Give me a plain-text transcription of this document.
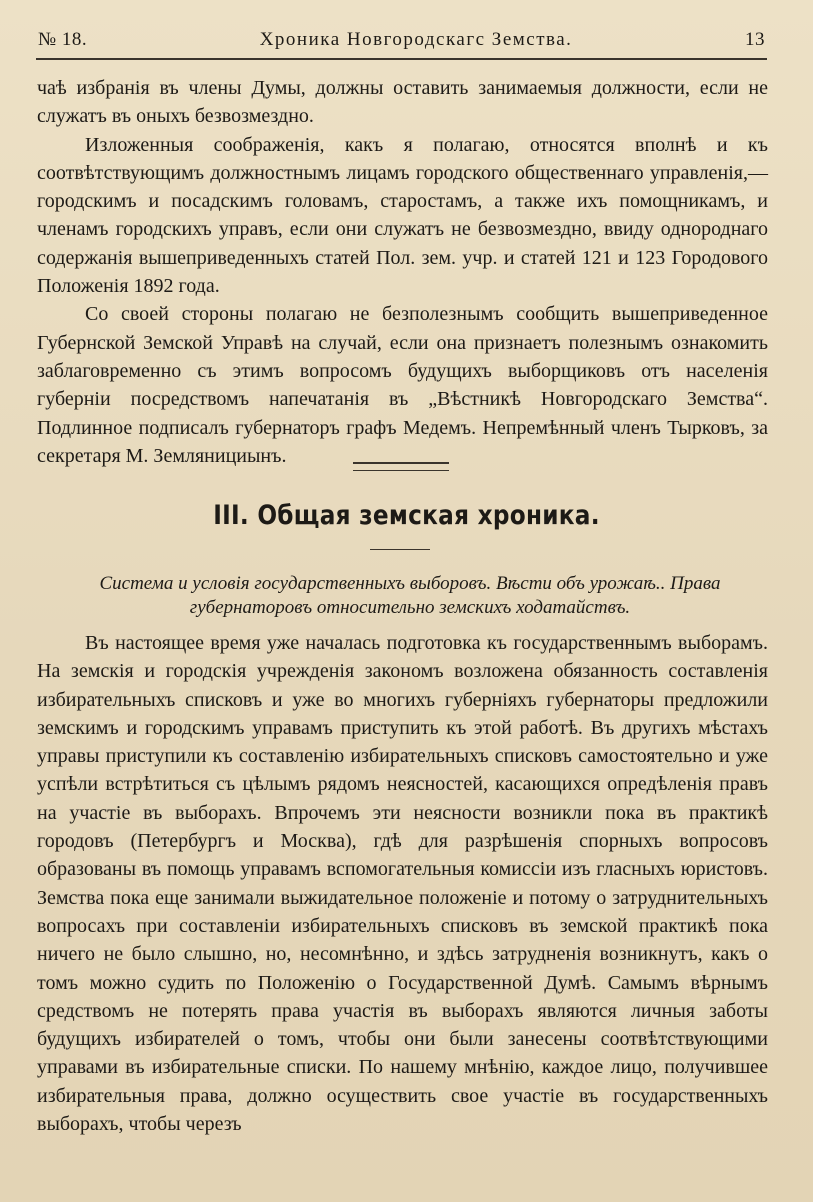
№ 18.	Хроника Новгородскагс Земства.	13

чаѣ избранія въ члены Думы, должны оставить занимаемыя должности, если не служатъ въ оныхъ безвозмездно.

Изложенныя соображенія, какъ я полагаю, относятся вполнѣ и къ соотвѣтствующимъ должностнымъ лицамъ городского общественнаго управленія,—городскимъ и посадскимъ головамъ, старостамъ, а также ихъ помощникамъ, и членамъ городскихъ управъ, если они служатъ не безвозмездно, ввиду однороднаго содержанія вышеприведенныхъ статей Пол. зем. учр. и статей 121 и 123 Городового Положенія 1892 года.

Со своей стороны полагаю не безполезнымъ сообщить вышеприведенное Губернской Земской Управѣ на случай, если она признаетъ полезнымъ ознакомить заблаговременно съ этимъ вопросомъ будущихъ выборщиковъ отъ населенія губерніи посредствомъ напечатанія въ „Вѣстникѣ Новгородскаго Земства“. Подлинное подписалъ губернаторъ графъ Медемъ. Непремѣнный членъ Тырковъ, за секретаря М. Землянициынъ.

III. Общая земская хроника.

Система и условія государственныхъ выборовъ. Вѣсти объ урожаѣ.. Права губернаторовъ относительно земскихъ ходатайствъ.

Въ настоящее время уже началась подготовка къ государственнымъ выборамъ. На земскія и городскія учрежденія закономъ возложена обязанность составленія избирательныхъ списковъ и уже во многихъ губерніяхъ губернаторы предложили земскимъ и городскимъ управамъ приступить къ этой работѣ. Въ другихъ мѣстахъ управы приступили къ составленію избирательныхъ списковъ самостоятельно и уже успѣли встрѣтиться съ цѣлымъ рядомъ неясностей, касающихся опредѣленія правъ на участіе въ выборахъ. Впрочемъ эти неясности возникли пока въ практикѣ городовъ (Петербургъ и Москва), гдѣ для разрѣшенія спорныхъ вопросовъ образованы въ помощь управамъ вспомогательныя комиссіи изъ гласныхъ юристовъ. Земства пока еще занимали выжидательное положеніе и потому о затруднительныхъ вопросахъ при составленіи избирательныхъ списковъ въ земской практикѣ пока ничего не было слышно, но, несомнѣнно, и здѣсь затрудненія возникнутъ, какъ о томъ можно судить по Положенію о Государственной Думѣ. Самымъ вѣрнымъ средствомъ не потерять права участія въ выборахъ являются личныя заботы будущихъ избирателей о томъ, чтобы они были занесены соотвѣтствующими управами въ избирательные списки. По нашему мнѣнію, каждое лицо, получившее избирательныя права, должно осуществить свое участіе въ государственныхъ выборахъ, чтобы черезъ
